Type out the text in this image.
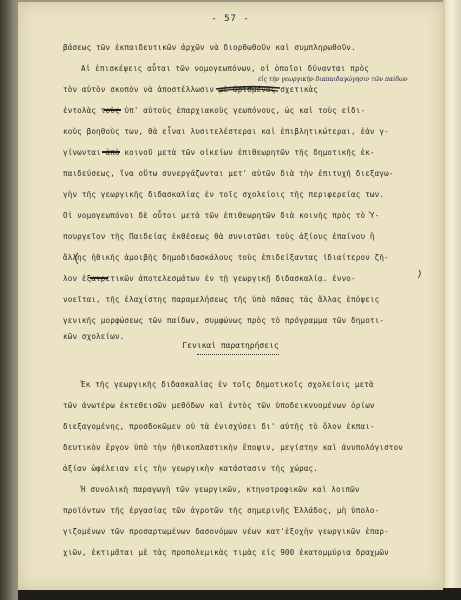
- 57 -
βάσεως τῶν ἐκπαιδευτικῶν ἀρχῶν νὰ διορθωθοῦν καὶ συμπληρωθοῦν.
Αἱ ἐπισκέψεις αὗται τῶν νομογεωπόνων, οἱ ὁποῖοι δύνανται πρὸς
τὸν αὐτὸν σκοπὸν νὰ ἀποστέλλωσιν μὲ ὡρισμένας σχετικὰς
ἐντολὰς τοὺς ὑπ' αὐτοὺς ἐπαρχιακοὺς γεωπόνους, ὡς καὶ τοὺς εἰδι-
κοὺς βοηθοὺς των, θὰ εἶναι λυσιτελέστεραι καὶ ἐπιβλητικώτεραι, ἐὰν γ-
γίνωνται ἀπὸ κοινοῦ μετὰ τῶν οἰκείων ἐπιθεωρητῶν τῆς δημοτικῆς ἐκ-
παιδεύσεως, ἵνα οὕτω συνεργάζωνται μετ' αὐτῶν διὰ τὴν ἐπιτυχῆ διεξαγω-
γὴν τῆς γεωργικῆς διδασκαλίας ἐν τοῖς σχολείοις τῆς περιφερείας των.
Οἱ νομογεωπόνοι δὲ οὗτοι μετὰ τῶν ἐπιθεωρητῶν διὰ κοινῆς πρὸς τὸ Ὑ-
πουργεῖον τῆς Παιδείας ἐκθέσεως θὰ συνιστῶσι τοὺς ἀξίους ἐπαίνου ἢ
ἄλλης ἠθικῆς ἀμοιβῆς δημοδιδασκάλους τοὺς ἐπιδείξαντας ἰδιαίτερον ζῆ-
λον ἐξαιρετικῶν ἀποτελεσμάτων ἐν τῇ γεωργικῇ διδασκαλίᾳ. ἐννο-
νοεῖται, τῆς ἐλαχίστης παραμελήσεως τῆς ὑπὸ πᾶσας τὰς ἄλλας ἐπόψεις
γενικῆς μορφώσεως τῶν παίδων, συμφώνως πρὸς τὸ πρόγραμμα τῶν δημοτι-
κῶν σχολείων.
Γενικαὶ παρατηρήσεις
Ἐκ τῆς γεωργικῆς διδασκαλίας ἐν τοῖς δημοτικοῖς σχολείοις μετὰ
τῶν ἀνωτέρω ἐκτεθεισῶν μεθόδων καὶ ἐντὸς τῶν ὑποδεικνυομένων ὁρίων
διεξαγομένης, προσδοκῶμεν οὐ τὰ ἐνισχύσει δι' αὐτῆς τὸ ὅλον ἐκπαι-
δευτικὸν ἔργον ὑπὸ τὴν ἠθικοπλαστικὴν ἔποψιν, μεγίστην καὶ ἀνυπολόγιστον
ἀξίαν ὠφέλειαν εἰς τὴν γεωργικὴν κατάστασιν τῆς χώρας.
Ἡ συνολικὴ παραγωγὴ τῶν γεωργικῶν, κτηνοτροφικῶν καὶ λοιπῶν
προϊόντων τῆς ἐργασίας τῶν ἀγροτῶν τῆς σημερινῆς Ἑλλάδος, μὴ ὑπολο-
γιζομένων τῶν προσαρτωμένων δασονόμων νέων κατ'ἐξοχὴν γεωργικῶν ἐπαρ-
χιῶν, ἐκτιμᾶται μὲ τὰς προπολεμικὰς τιμὰς εἰς 900 ἑκατομμύρια δραχμῶν
εἰς τὴν γεωργικὴν διαπαιδαγώγησιν τῶν παίδων
